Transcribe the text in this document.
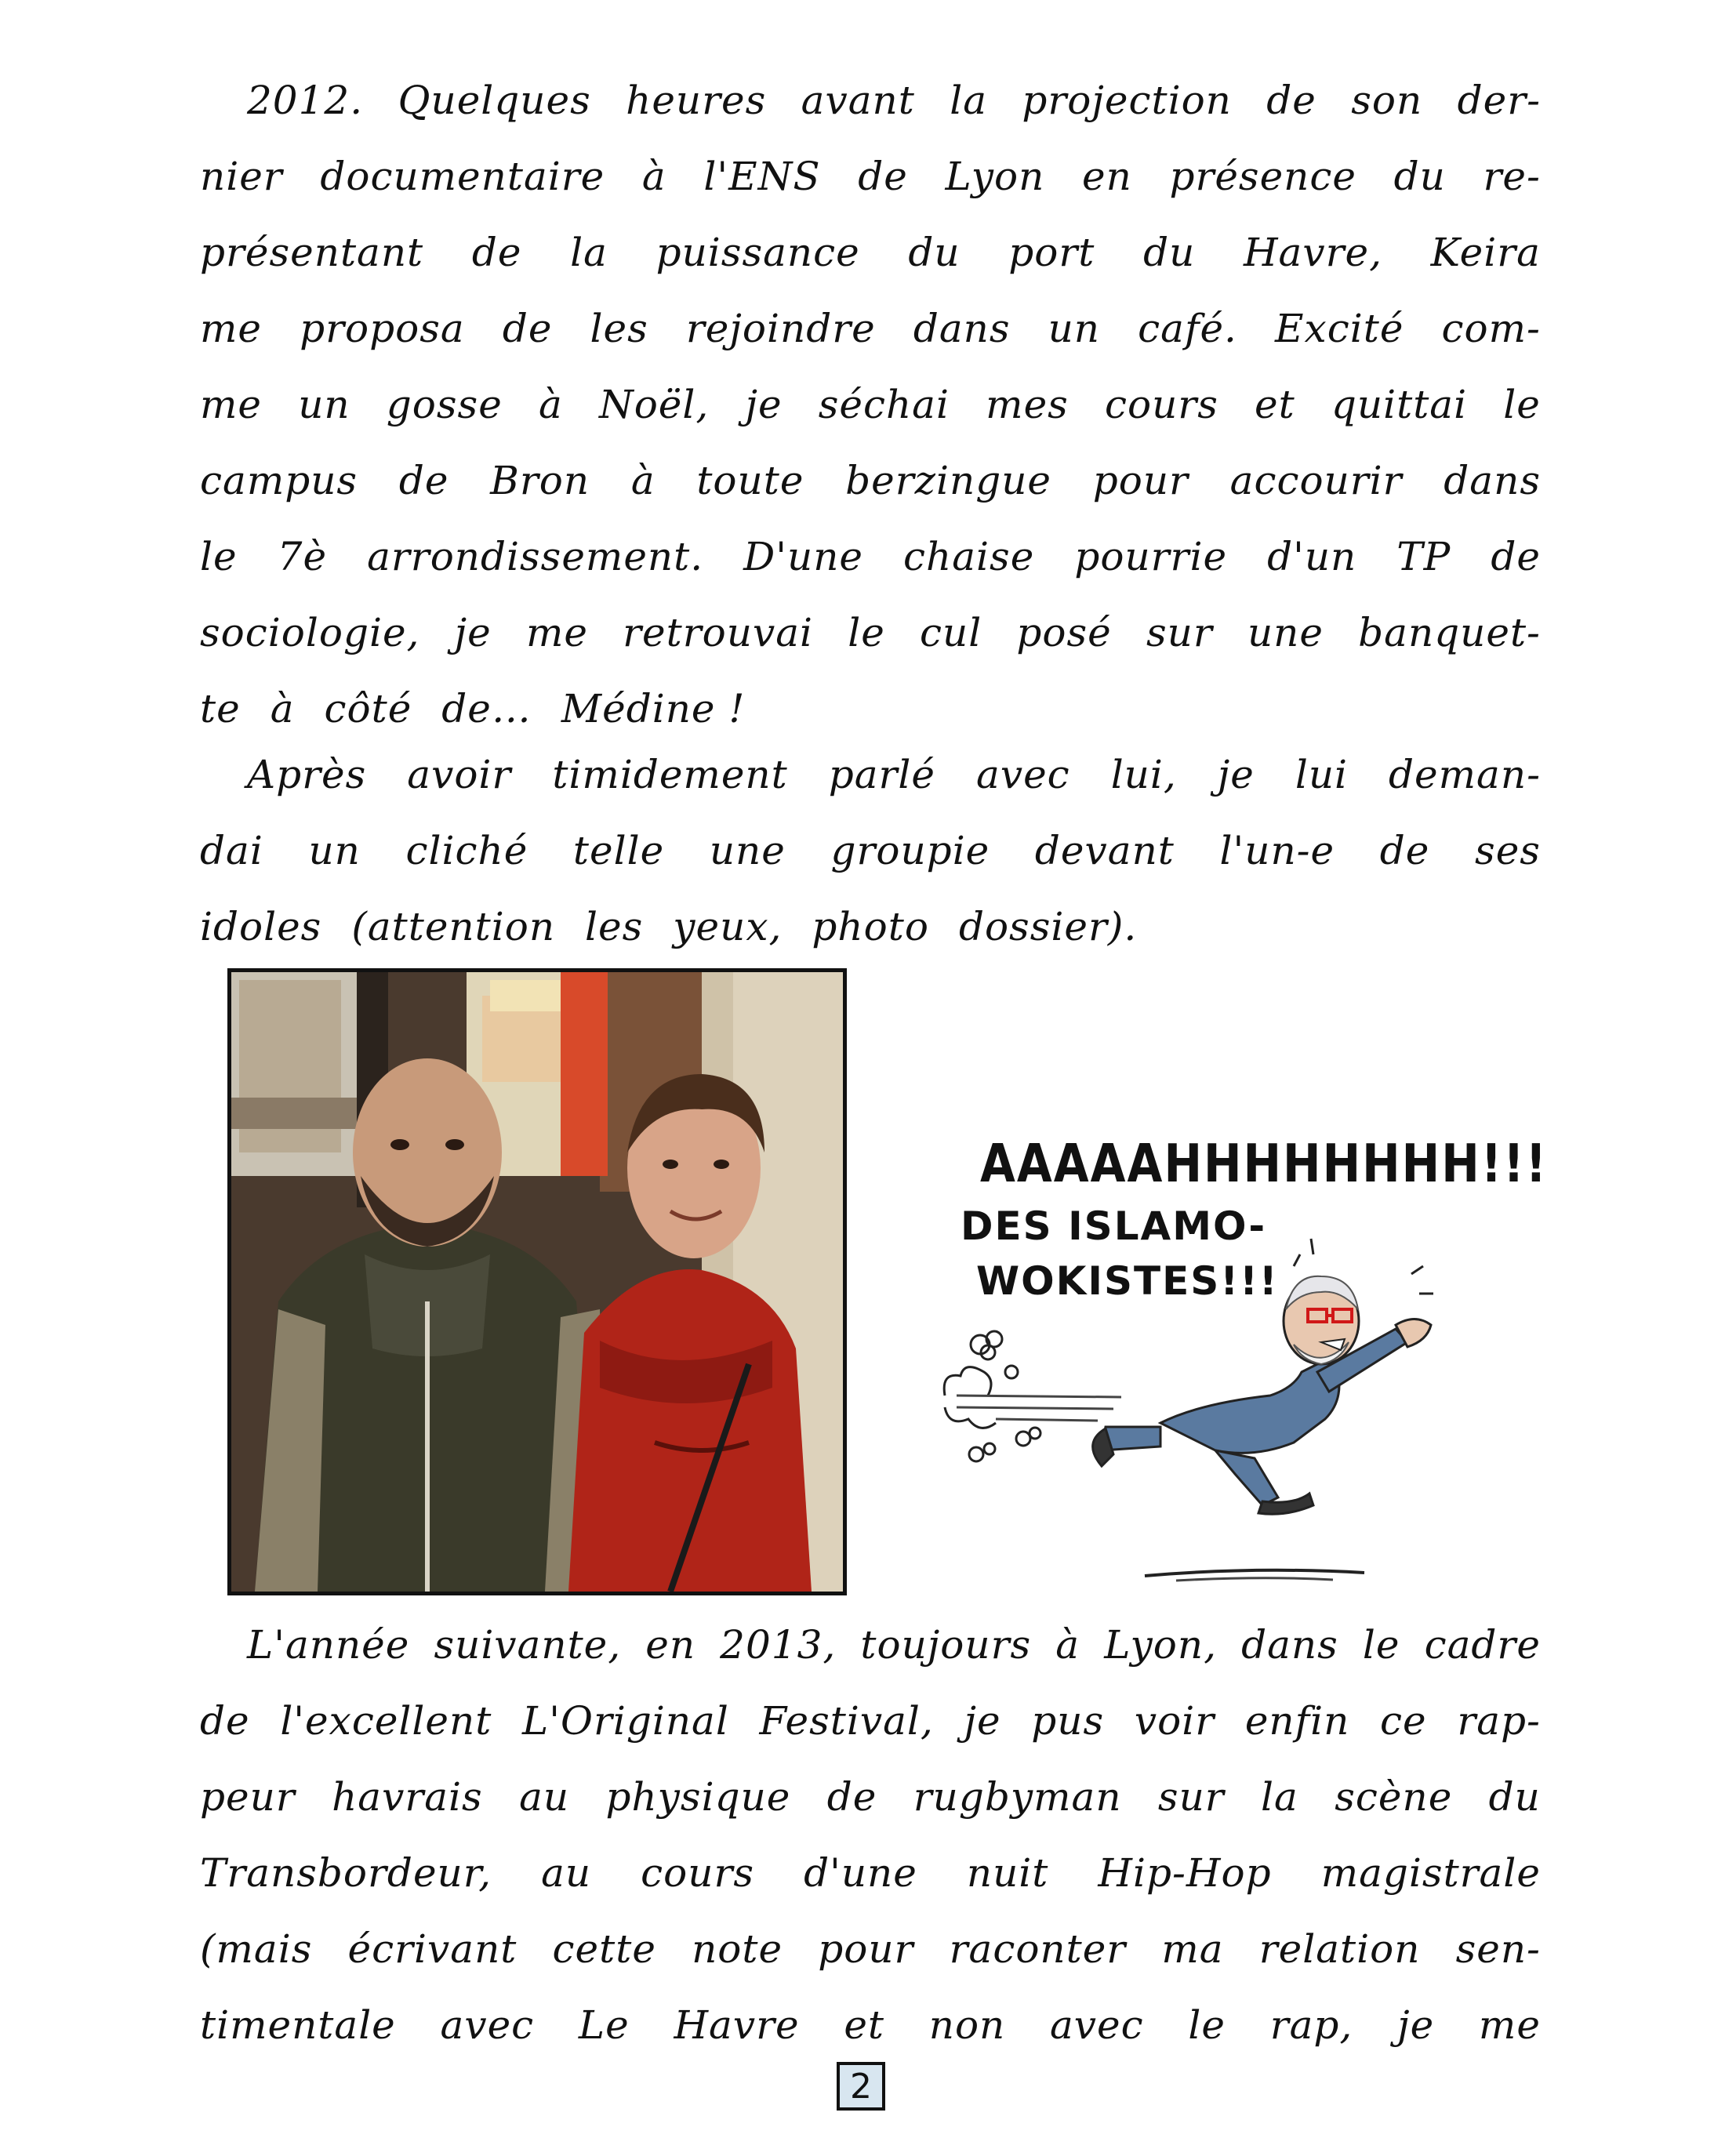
2012. Quelques heures avant la projection de son der-
nier documentaire à l'ENS de Lyon en présence du re-
présentant de la puissance du port du Havre, Keira
me proposa de les rejoindre dans un café. Excité com-
me un gosse à Noël, je séchai mes cours et quittai le
campus de Bron à toute berzingue pour accourir dans
le 7è arrondissement. D'une chaise pourrie d'un TP de
sociologie, je me retrouvai le cul posé sur une banquet-
te à côté de… Médine !
Après avoir timidement parlé avec lui, je lui deman-
dai un cliché telle une groupie devant l'un-e de ses
idoles (attention les yeux, photo dossier).
AAAAAHHHHHHHH!!!
DES ISLAMO-
WOKISTES!!!
L'année suivante, en 2013, toujours à Lyon, dans le cadre
de l'excellent L'Original Festival, je pus voir enfin ce rap-
peur havrais au physique de rugbyman sur la scène du
Transbordeur, au cours d'une nuit Hip-Hop magistrale
(mais écrivant cette note pour raconter ma relation sen-
timentale avec Le Havre et non avec le rap, je me
2
